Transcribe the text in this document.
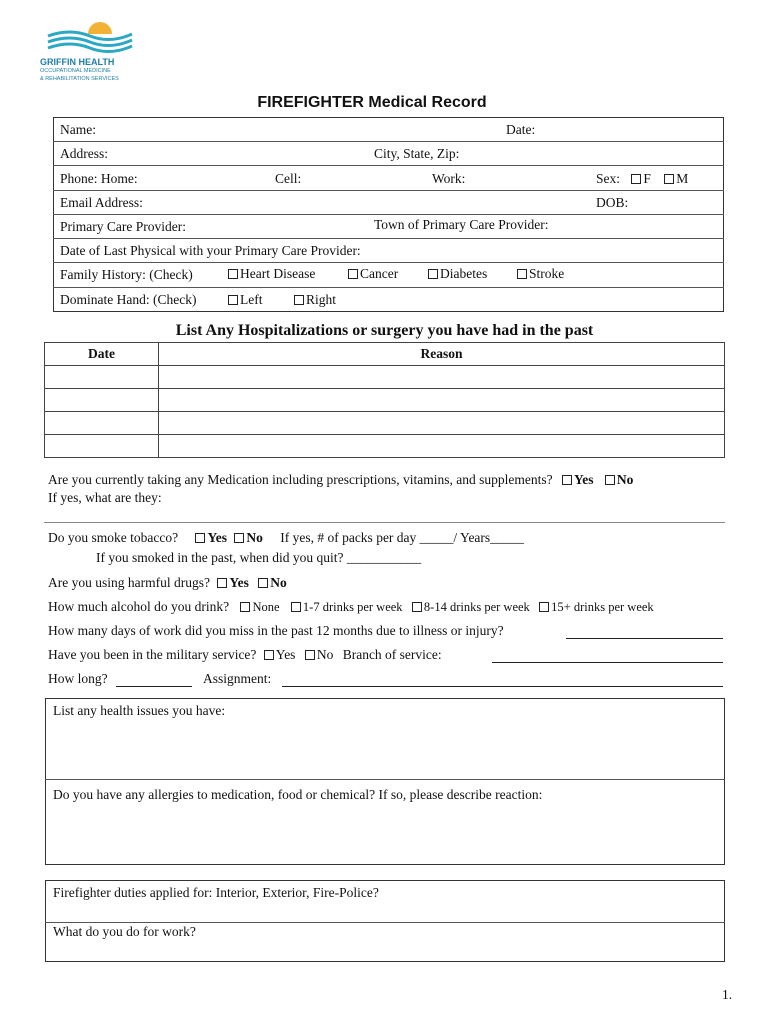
GRIFFIN HEALTH
OCCUPATIONAL MEDICINE
& REHABILITATION SERVICES
FIREFIGHTER Medical Record
Name:	Date:
Address:	City, State, Zip:
Phone: Home:	Cell:	Work:	Sex: F M
Email Address:	DOB:
Primary Care Provider:	Town of Primary Care Provider:
Date of Last Physical with your Primary Care Provider:
Family History: (Check)	Heart Disease	Cancer	Diabetes	Stroke
Dominate Hand: (Check)	Left	Right
List Any Hospitalizations or surgery you have had in the past
Date	Reason

Are you currently taking any Medication including prescriptions, vitamins, and supplements? Yes No
If yes, what are they:
Do you smoke tobacco? Yes No If yes, # of packs per day _____/ Years_____
If you smoked in the past, when did you quit? ___________
Are you using harmful drugs? Yes No
How much alcohol do you drink? None 1-7 drinks per week 8-14 drinks per week 15+ drinks per week
How many days of work did you miss in the past 12 months due to illness or injury?
Have you been in the military service? Yes No Branch of service:
How long?	Assignment:
List any health issues you have:
Do you have any allergies to medication, food or chemical? If so, please describe reaction:
Firefighter duties applied for: Interior, Exterior, Fire-Police?
What do you do for work?
1.
